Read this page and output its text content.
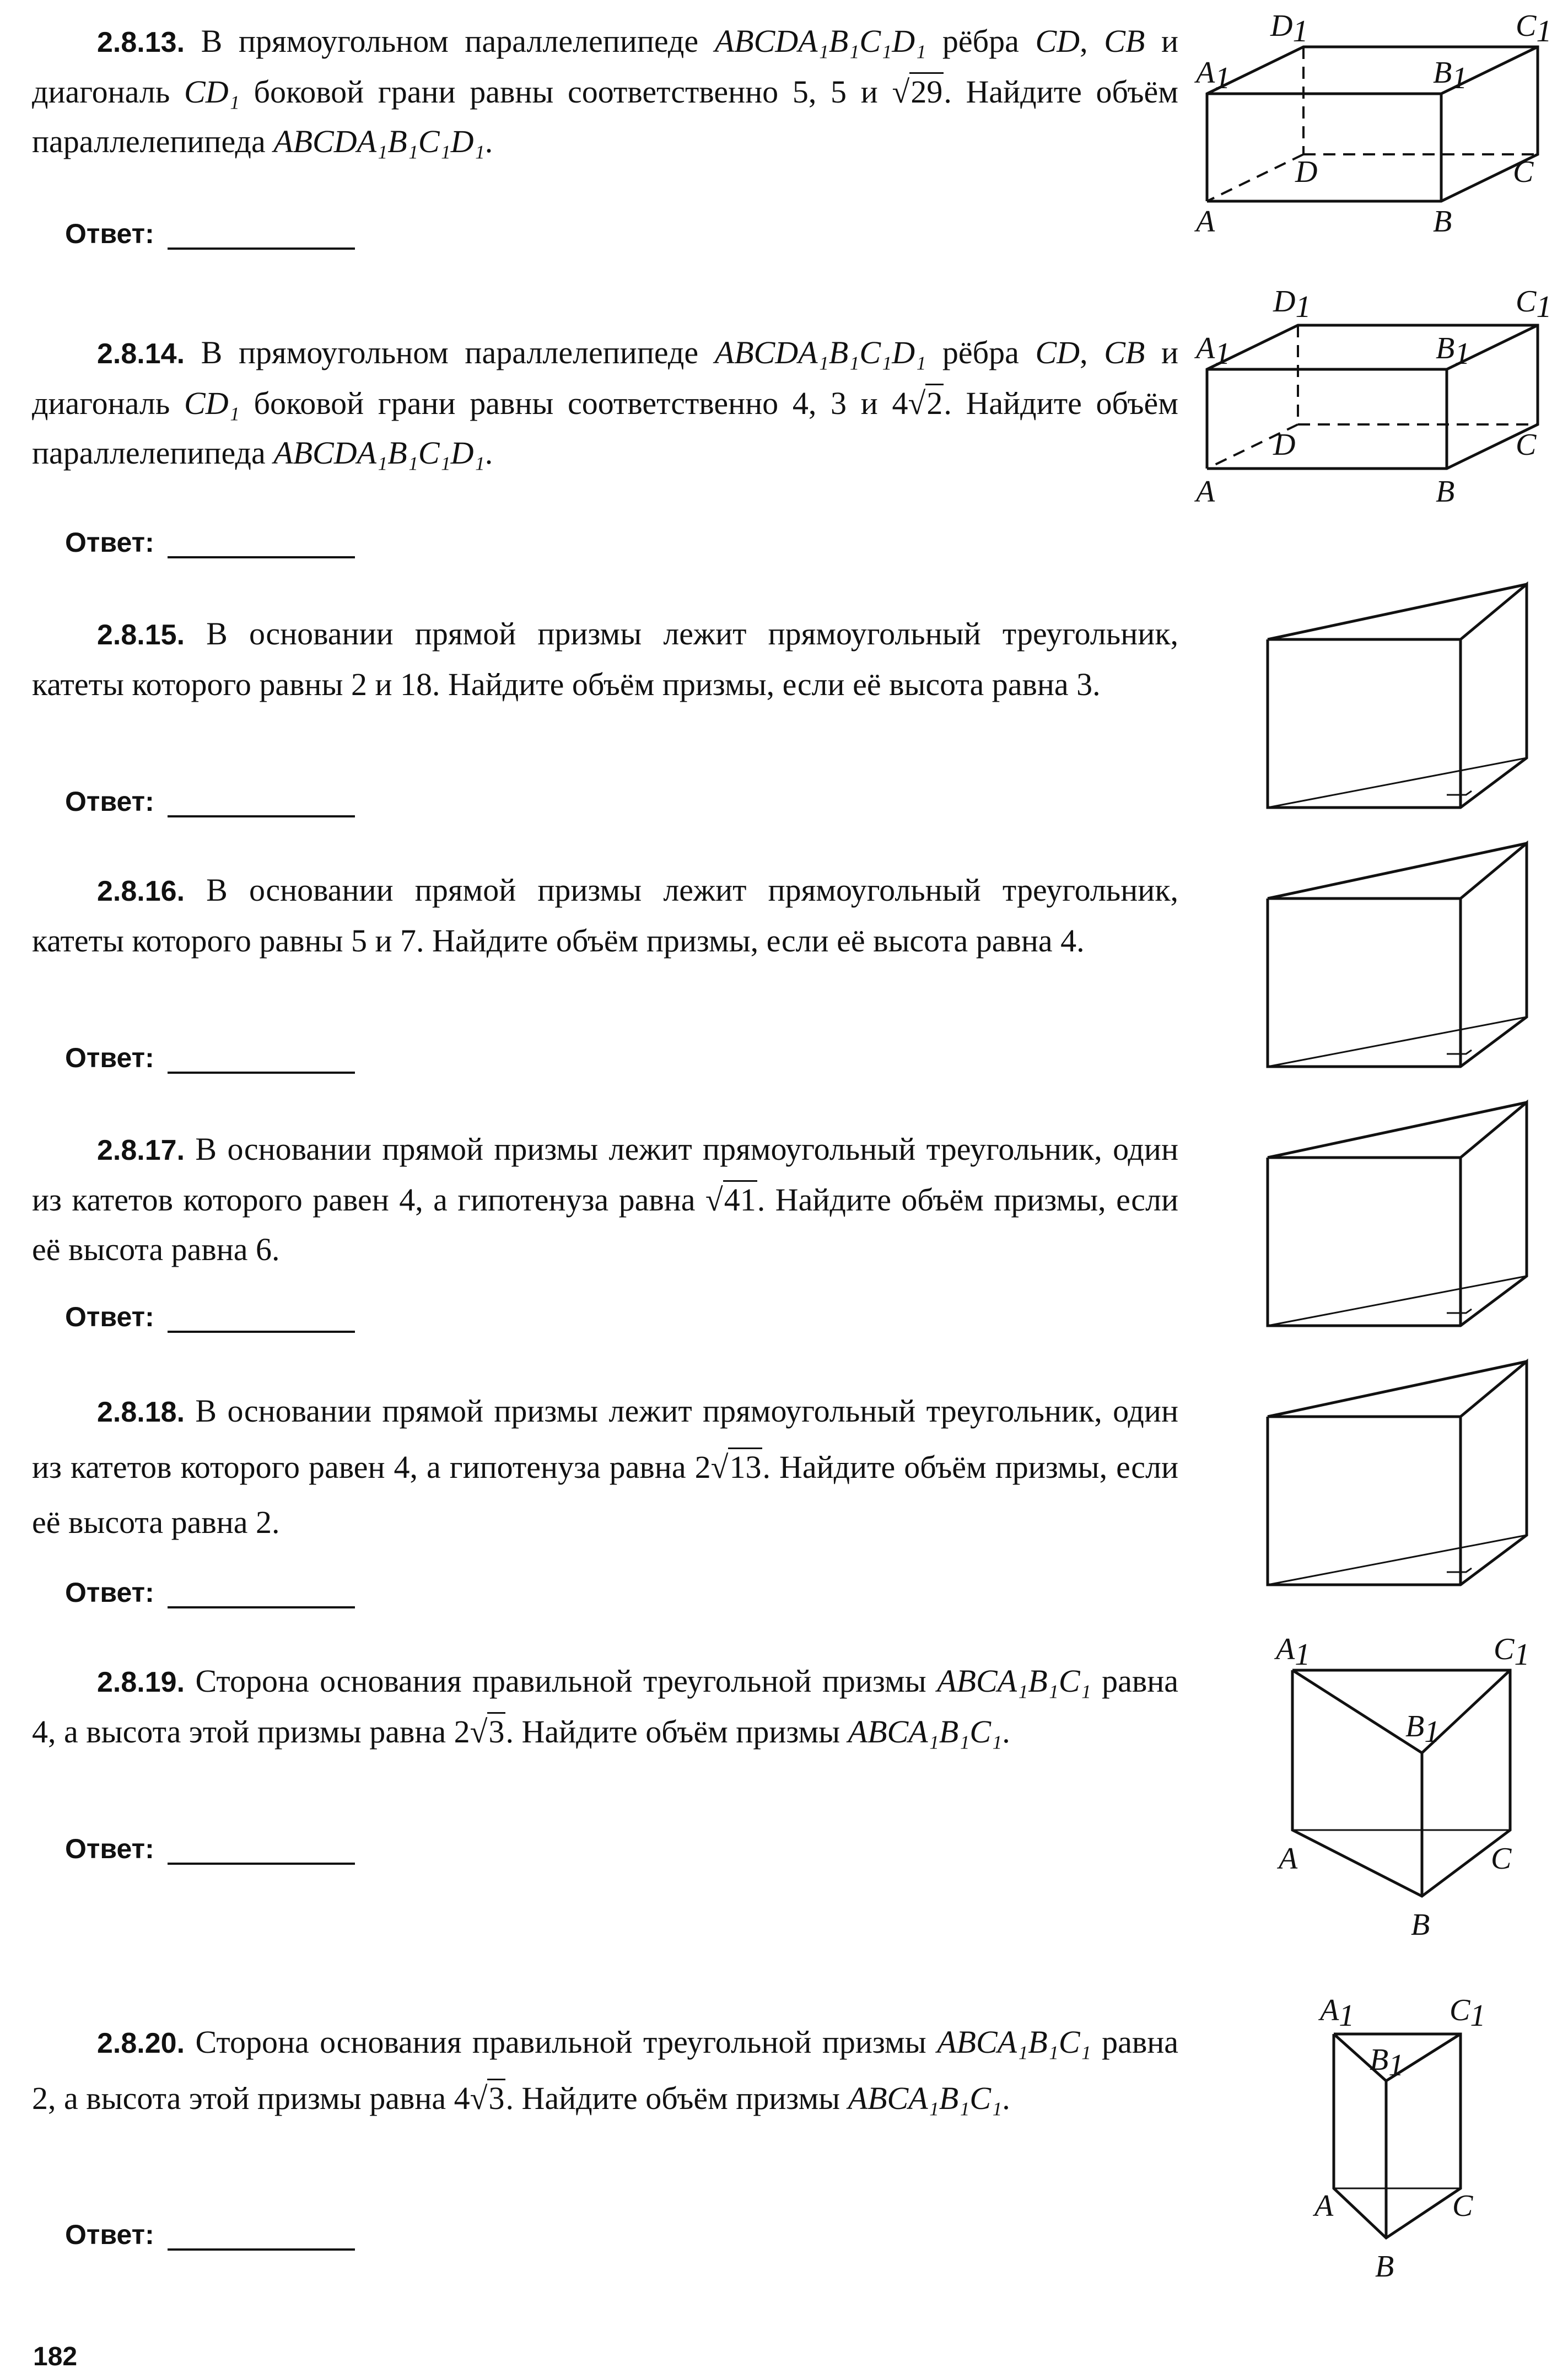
2.8.13. В прямоугольном параллелепипеде ABCDA₁B₁C₁D₁ рёбра CD, CB и диагональ CD₁ боковой грани равны соответственно 5, 5 и √29. Найдите объём параллелепипеда ABCDA₁B₁C₁D₁.

Ответ:

2.8.14. В прямоугольном параллелепипеде ABCDA₁B₁C₁D₁ рёбра CD, CB и диагональ CD₁ боковой грани равны соответственно 4, 3 и 4√2. Найдите объём параллелепипеда ABCDA₁B₁C₁D₁.

Ответ:

2.8.15. В основании прямой призмы лежит прямоугольный треугольник, катеты которого равны 2 и 18. Найдите объём призмы, если её высота равна 3.

Ответ:

2.8.16. В основании прямой призмы лежит прямоугольный треугольник, катеты которого равны 5 и 7. Найдите объём призмы, если её высота равна 4.

Ответ:

2.8.17. В основании прямой призмы лежит прямоугольный треугольник, один из катетов которого равен 4, а гипотенуза равна √41. Найдите объём призмы, если её высота равна 6.

Ответ:

2.8.18. В основании прямой призмы лежит прямоугольный треугольник, один из катетов которого равен 4, а гипотенуза равна 2√13. Найдите объём призмы, если её высота равна 2.

Ответ:

2.8.19. Сторона основания правильной треугольной призмы ABCA₁B₁C₁ равна 4, а высота этой призмы равна 2√3. Найдите объём призмы ABCA₁B₁C₁.

Ответ:

2.8.20. Сторона основания правильной треугольной призмы ABCA₁B₁C₁ равна 2, а высота этой призмы равна 4√3. Найдите объём призмы ABCA₁B₁C₁.

Ответ:
D1	C1
A1	B1
D	C
A	B
D1	C1
A1	B1
D	C
A	B
A1	C1
B1
A	C
B
A1	C1
B1
A	C
B
182
